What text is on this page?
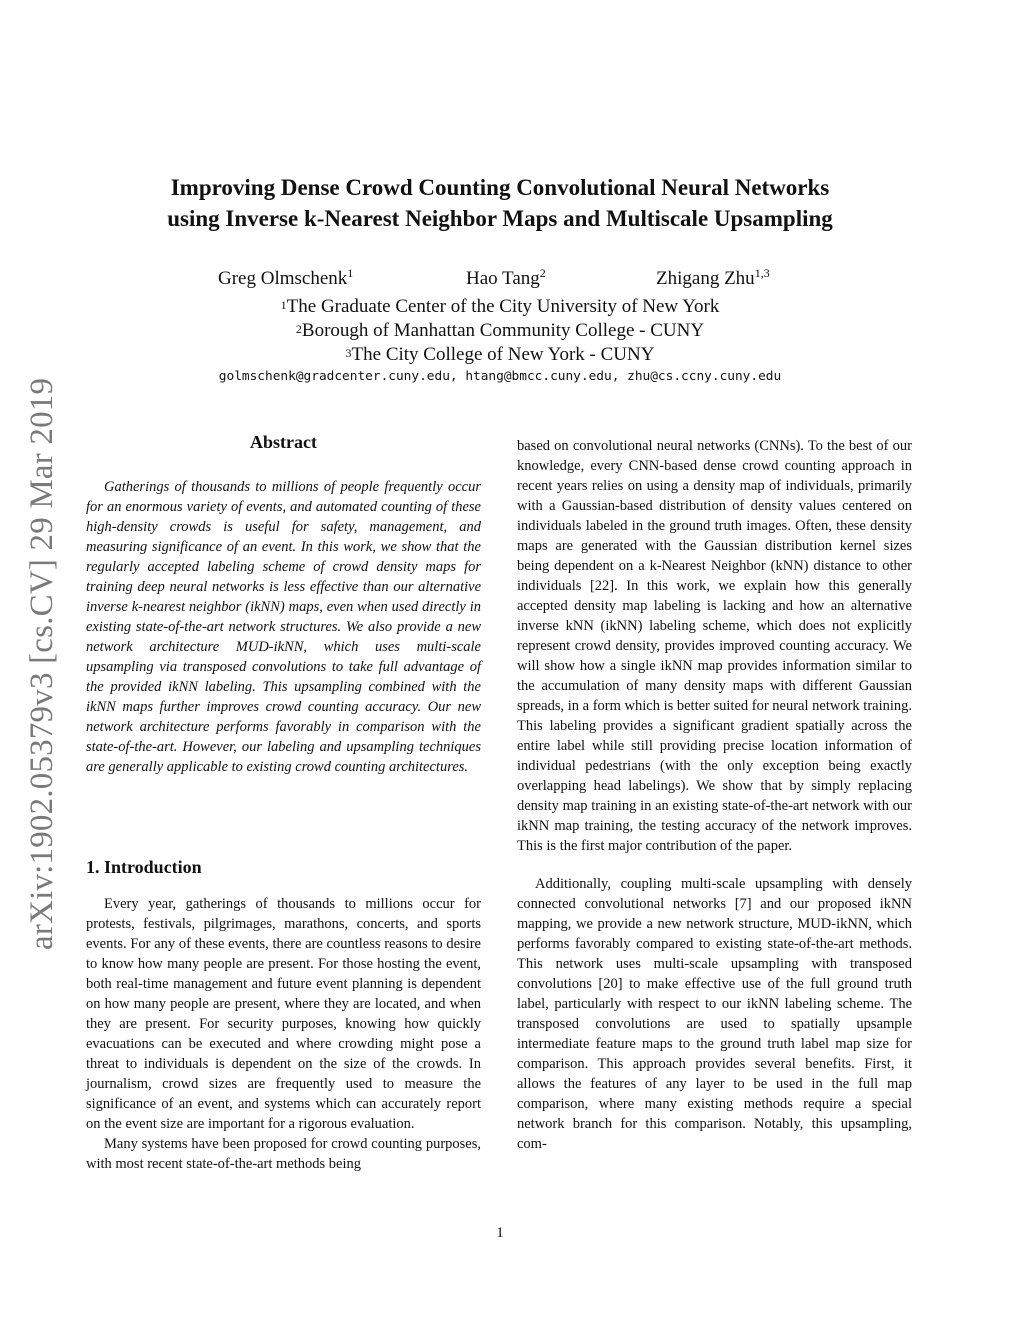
arXiv:1902.05379v3 [cs.CV] 29 Mar 2019
Improving Dense Crowd Counting Convolutional Neural Networks
using Inverse k-Nearest Neighbor Maps and Multiscale Upsampling
Greg Olmschenk$^1$	Hao Tang$^2$	Zhigang Zhu$^{1,3}$
$^1$The Graduate Center of the City University of New York
$^2$Borough of Manhattan Community College - CUNY
$^3$The City College of New York - CUNY
golmschenk@gradcenter.cuny.edu, htang@bmcc.cuny.edu, zhu@cs.ccny.cuny.edu
Abstract
Gatherings of thousands to millions of people frequently occur for an enormous variety of events, and automated counting of these high-density crowds is useful for safety, management, and measuring significance of an event. In this work, we show that the regularly accepted labeling scheme of crowd density maps for training deep neural networks is less effective than our alternative inverse k-nearest neighbor (ikNN) maps, even when used directly in existing state-of-the-art network structures. We also provide a new network architecture MUD-ikNN, which uses multi-scale upsampling via transposed convolutions to take full advantage of the provided ikNN labeling. This upsampling combined with the ikNN maps further improves crowd counting accuracy. Our new network architecture performs favorably in comparison with the state-of-the-art. However, our labeling and upsampling techniques are generally applicable to existing crowd counting architectures.
1. Introduction

Every year, gatherings of thousands to millions occur for protests, festivals, pilgrimages, marathons, concerts, and sports events. For any of these events, there are countless reasons to desire to know how many people are present. For those hosting the event, both real-time management and future event planning is dependent on how many people are present, where they are located, and when they are present. For security purposes, knowing how quickly evacuations can be executed and where crowding might pose a threat to individuals is dependent on the size of the crowds. In journalism, crowd sizes are frequently used to measure the significance of an event, and systems which can accurately report on the event size are important for a rigorous evaluation.

Many systems have been proposed for crowd counting purposes, with most recent state-of-the-art methods being

based on convolutional neural networks (CNNs). To the best of our knowledge, every CNN-based dense crowd counting approach in recent years relies on using a density map of individuals, primarily with a Gaussian-based distribution of density values centered on individuals labeled in the ground truth images. Often, these density maps are generated with the Gaussian distribution kernel sizes being dependent on a k-Nearest Neighbor (kNN) distance to other individuals [22]. In this work, we explain how this generally accepted density map labeling is lacking and how an alternative inverse kNN (ikNN) labeling scheme, which does not explicitly represent crowd density, provides improved counting accuracy. We will show how a single ikNN map provides information similar to the accumulation of many density maps with different Gaussian spreads, in a form which is better suited for neural network training. This labeling provides a significant gradient spatially across the entire label while still providing precise location information of individual pedestrians (with the only exception being exactly overlapping head labelings). We show that by simply replacing density map training in an existing state-of-the-art network with our ikNN map training, the testing accuracy of the network improves. This is the first major contribution of the paper.

Additionally, coupling multi-scale upsampling with densely connected convolutional networks [7] and our proposed ikNN mapping, we provide a new network structure, MUD-ikNN, which performs favorably compared to existing state-of-the-art methods. This network uses multi-scale upsampling with transposed convolutions [20] to make effective use of the full ground truth label, particularly with respect to our ikNN labeling scheme. The transposed convolutions are used to spatially upsample intermediate feature maps to the ground truth label map size for comparison. This approach provides several benefits. First, it allows the features of any layer to be used in the full map comparison, where many existing methods require a special network branch for this comparison. Notably, this upsampling, com-

1
